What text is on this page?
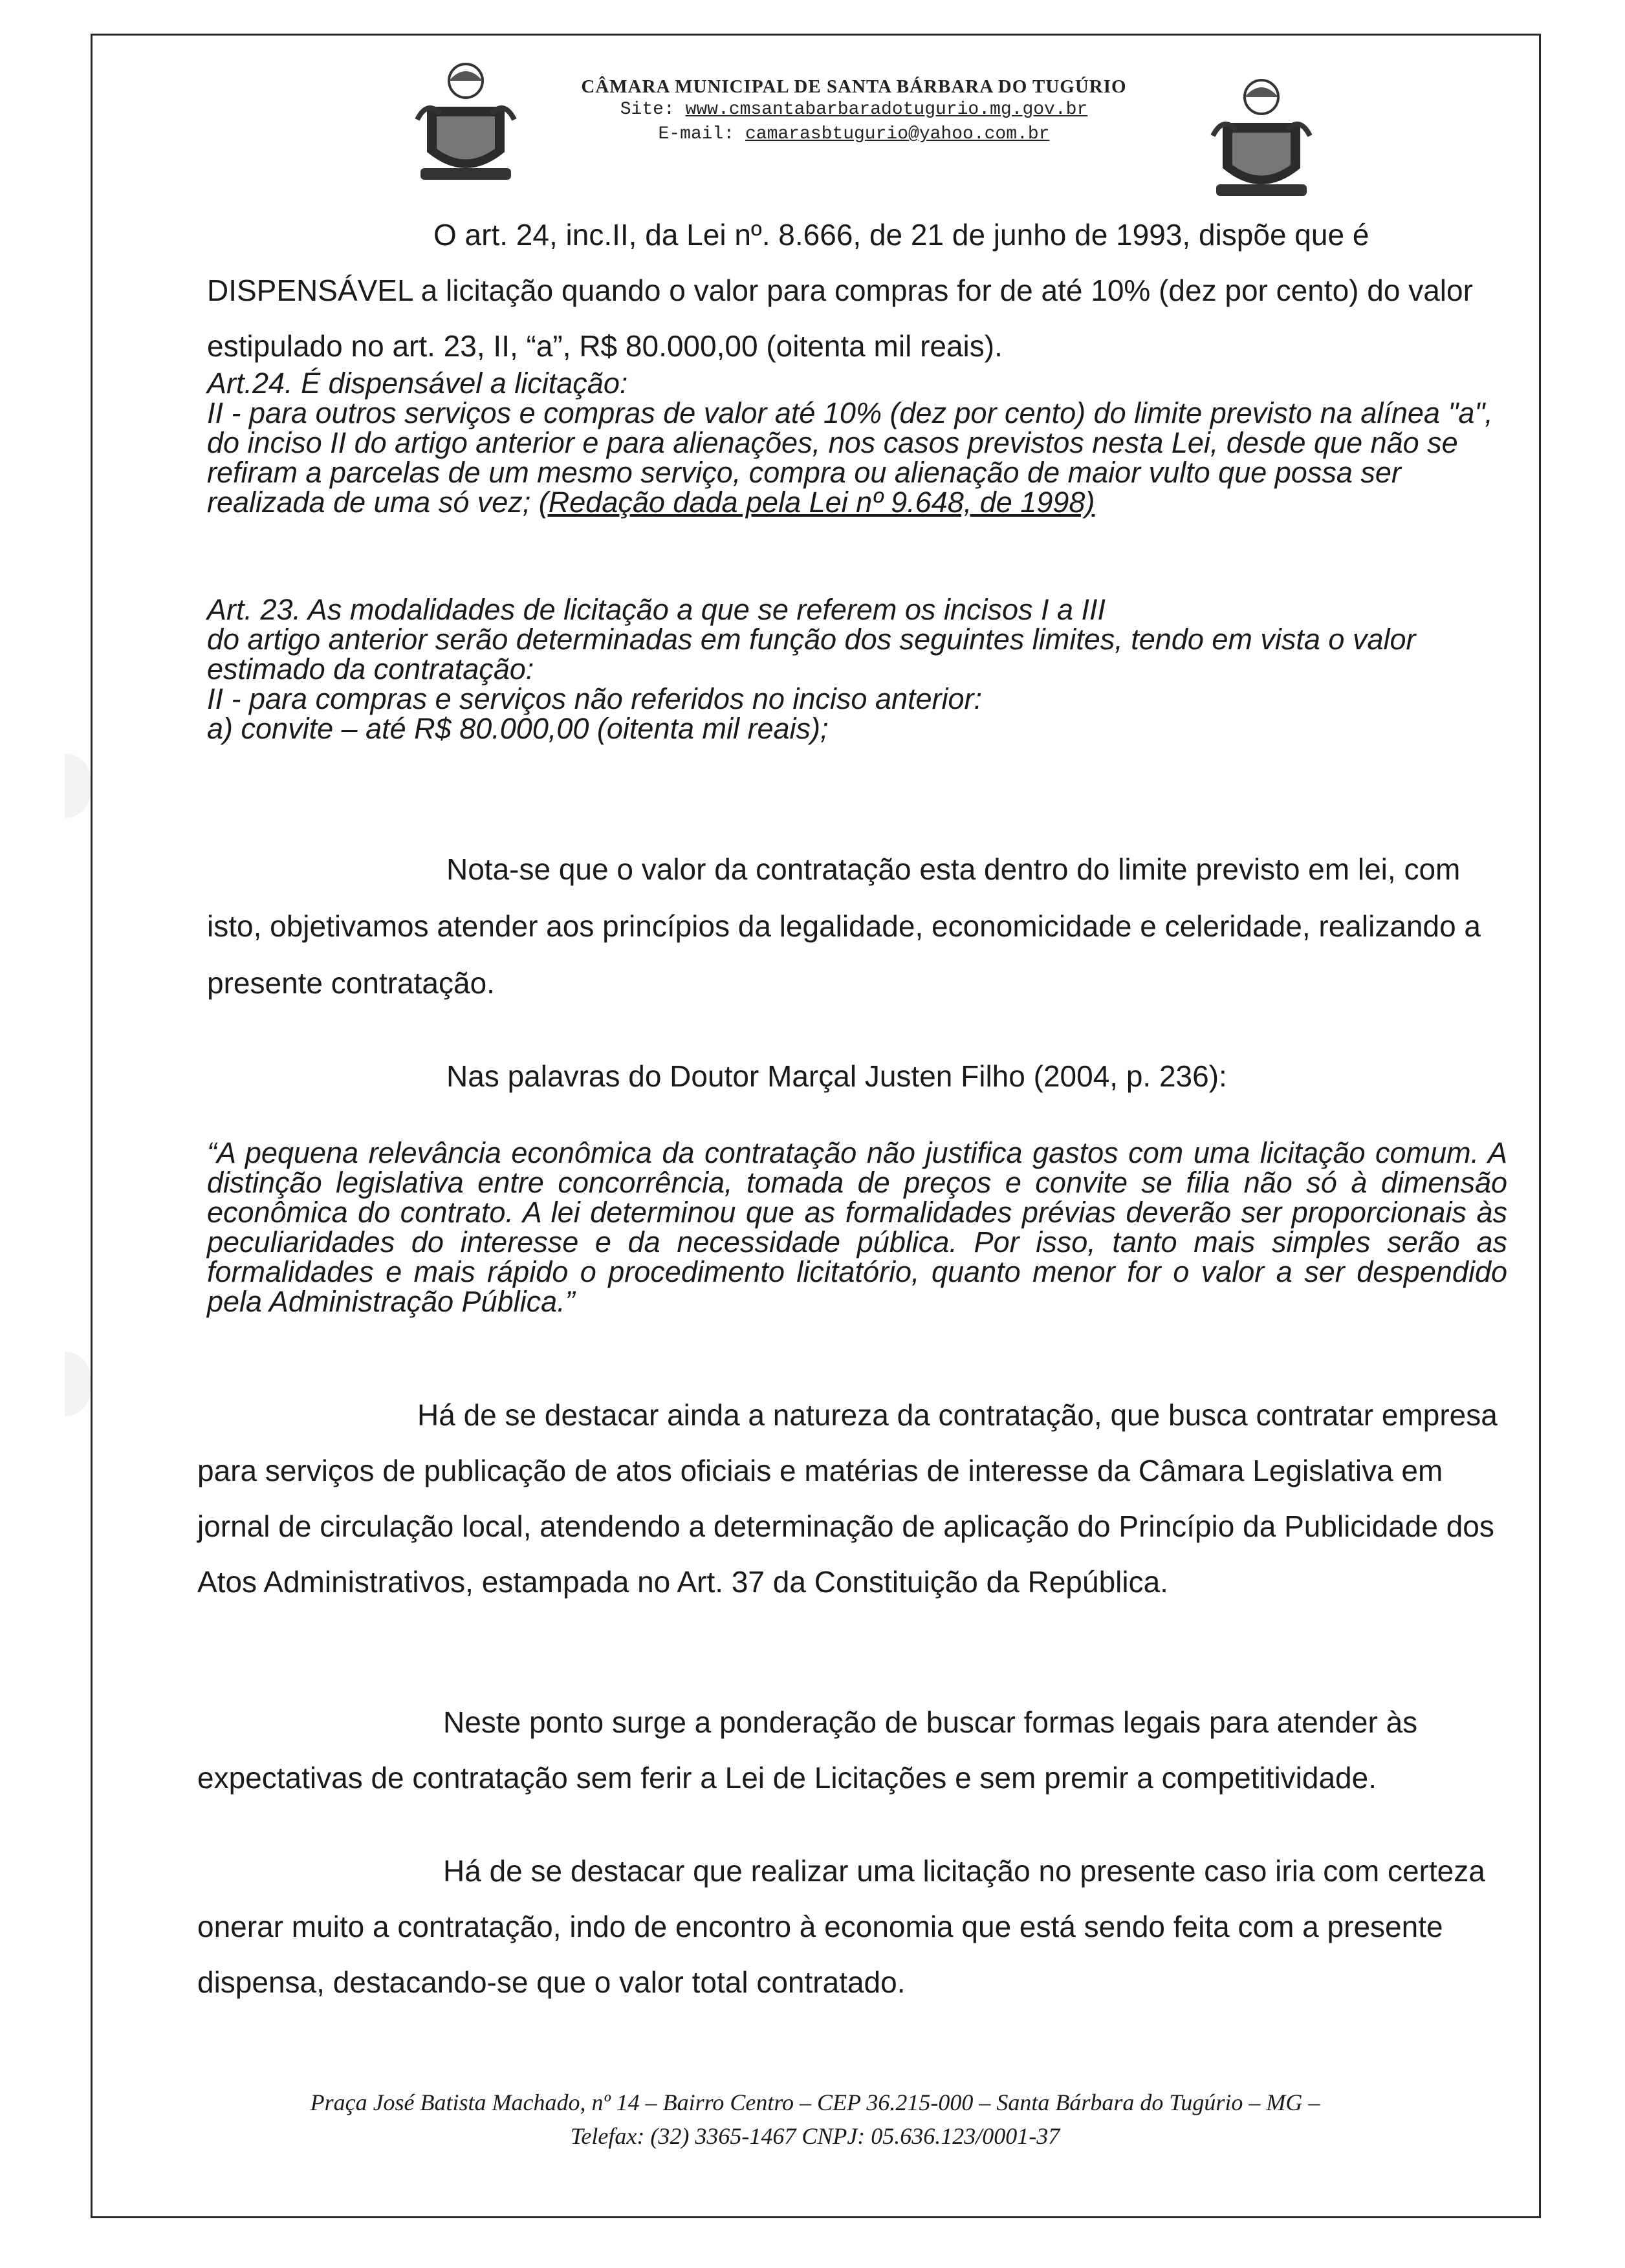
CÂMARA MUNICIPAL DE SANTA BÁRBARA DO TUGÚRIO
Site: www.cmsantabarbaradotugurio.mg.gov.br
E-mail: camarasbtugurio@yahoo.com.br

O art. 24, inc.II, da Lei nº. 8.666, de 21 de junho de 1993, dispõe que é DISPENSÁVEL a licitação quando o valor para compras for de até 10% (dez por cento) do valor estipulado no art. 23, II, “a”, R$ 80.000,00 (oitenta mil reais).

Art.24. É dispensável a licitação:

II - para outros serviços e compras de valor até 10% (dez por cento) do limite previsto na alínea "a", do inciso II do artigo anterior e para alienações, nos casos previstos nesta Lei, desde que não se refiram a parcelas de um mesmo serviço, compra ou alienação de maior vulto que possa ser realizada de uma só vez; (Redação dada pela Lei nº 9.648, de 1998)

Art. 23. As modalidades de licitação a que se referem os incisos I a III

do artigo anterior serão determinadas em função dos seguintes limites, tendo em vista o valor estimado da contratação:

II - para compras e serviços não referidos no inciso anterior:

a) convite – até R$ 80.000,00 (oitenta mil reais);

Nota-se que o valor da contratação esta dentro do limite previsto em lei, com isto, objetivamos atender aos princípios da legalidade, economicidade e celeridade, realizando a presente contratação.

Nas palavras do Doutor Marçal Justen Filho (2004, p. 236):

“A pequena relevância econômica da contratação não justifica gastos com uma licitação comum. A distinção legislativa entre concorrência, tomada de preços e convite se filia não só à dimensão econômica do contrato. A lei determinou que as formalidades prévias deverão ser proporcionais às peculiaridades do interesse e da necessidade pública. Por isso, tanto mais simples serão as formalidades e mais rápido o procedimento licitatório, quanto menor for o valor a ser despendido pela Administração Pública.”

Há de se destacar ainda a natureza da contratação, que busca contratar empresa para serviços de publicação de atos oficiais e matérias de interesse da Câmara Legislativa em jornal de circulação local, atendendo a determinação de aplicação do Princípio da Publicidade dos Atos Administrativos, estampada no Art. 37 da Constituição da República.

Neste ponto surge a ponderação de buscar formas legais para atender às expectativas de contratação sem ferir a Lei de Licitações e sem premir a competitividade.

Há de se destacar que realizar uma licitação no presente caso iria com certeza onerar muito a contratação, indo de encontro à economia que está sendo feita com a presente dispensa, destacando-se que o valor total contratado.

Praça José Batista Machado, nº 14 – Bairro Centro – CEP 36.215-000 – Santa Bárbara do Tugúrio – MG –
Telefax: (32) 3365-1467 CNPJ: 05.636.123/0001-37
